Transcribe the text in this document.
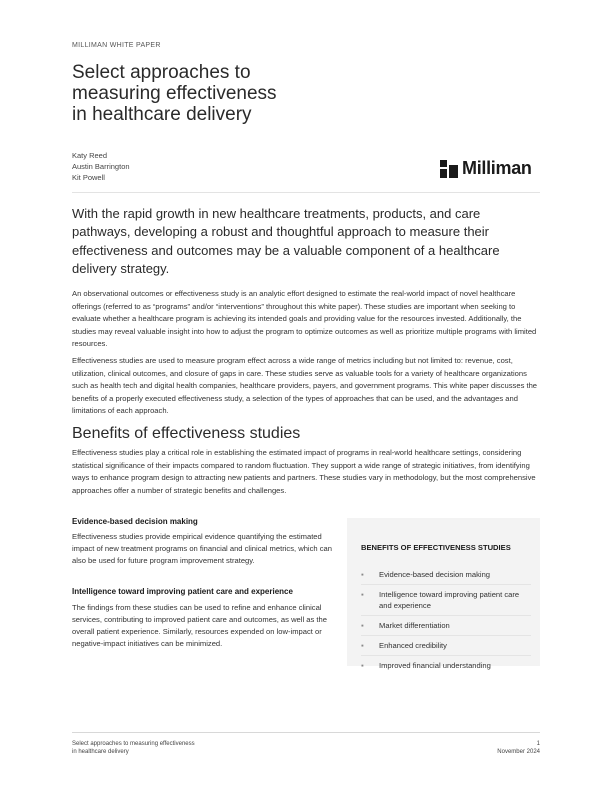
MILLIMAN WHITE PAPER
Select approaches to
measuring effectiveness
in healthcare delivery
Katy Reed
Austin Barrington
Kit Powell	Milliman
With the rapid growth in new healthcare treatments, products, and care pathways, developing a robust and thoughtful approach to measure their effectiveness and outcomes may be a valuable component of a healthcare delivery strategy.
An observational outcomes or effectiveness study is an analytic effort designed to estimate the real-world impact of novel healthcare offerings (referred to as “programs” and/or “interventions” throughout this white paper). These studies are important when seeking to evaluate whether a healthcare program is achieving its intended goals and providing value for the resources invested. Additionally, the studies may reveal valuable insight into how to adjust the program to optimize outcomes as well as prioritize multiple programs with limited resources.
Effectiveness studies are used to measure program effect across a wide range of metrics including but not limited to: revenue, cost, utilization, clinical outcomes, and closure of gaps in care. These studies serve as valuable tools for a variety of healthcare organizations such as health tech and digital health companies, healthcare providers, payers, and government programs. This white paper discusses the benefits of a properly executed effectiveness study, a selection of the types of approaches that can be used, and the advantages and limitations of each approach.
Benefits of effectiveness studies
Effectiveness studies play a critical role in establishing the estimated impact of programs in real-world healthcare settings, considering statistical significance of their impacts compared to random fluctuation. They support a wide range of strategic initiatives, from identifying ways to enhance program design to attracting new patients and partners. These studies vary in methodology, but the most comprehensive approaches offer a number of strategic benefits and challenges.
Evidence-based decision making
Effectiveness studies provide empirical evidence quantifying the estimated impact of new treatment programs on financial and clinical metrics, which can also be used for future program improvement strategy.
Intelligence toward improving patient care and experience
The findings from these studies can be used to refine and enhance clinical services, contributing to improved patient care and outcomes, as well as the overall patient experience. Similarly, resources expended on low-impact or negative-impact initiatives can be minimized.
BENEFITS OF EFFECTIVENESS STUDIES
▪ Evidence-based decision making
▪ Intelligence toward improving patient care and experience
▪ Market differentiation
▪ Enhanced credibility
▪ Improved financial understanding
Select approaches to measuring effectiveness
in healthcare delivery
1
November 2024
